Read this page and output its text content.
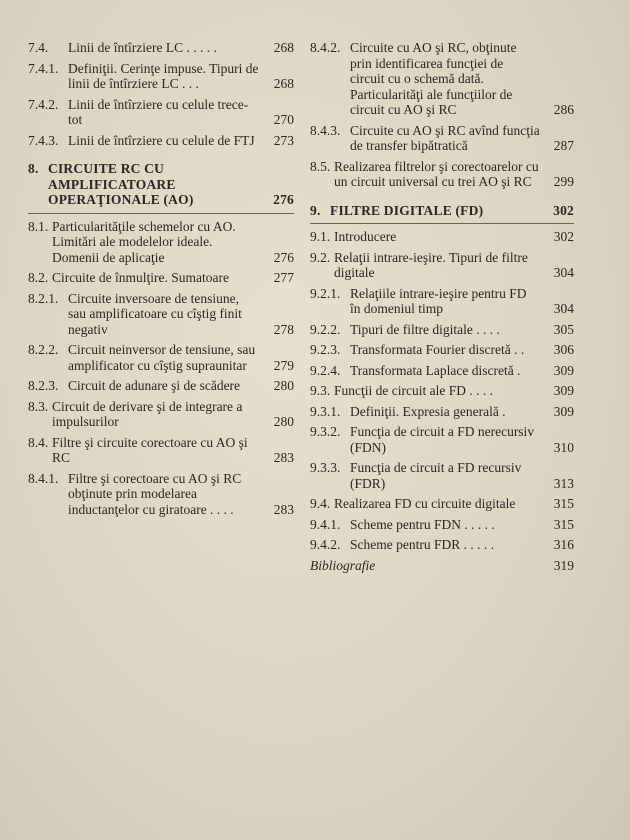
7.4.	Linii de întîrziere LC . . . . .	268
7.4.1. Definiţii. Cerinţe impuse. Tipuri de linii de întîrziere LC . . .	268
7.4.2. Linii de întîrziere cu celule trece-tot	270
7.4.3. Linii de întîrziere cu celule de FTJ	273
8. CIRCUITE RC CU AMPLIFICATOARE OPERAŢIONALE (AO)	276
8.1. Particularităţile schemelor cu AO. Limitări ale modelelor ideale. Domenii de aplicaţie	276
8.2. Circuite de înmulţire. Sumatoare	277
8.2.1. Circuite inversoare de tensiune, sau amplificatoare cu cîştig finit negativ	278
8.2.2. Circuit neinversor de tensiune, sau amplificator cu cîştig supraunitar	279
8.2.3. Circuit de adunare şi de scădere	280
8.3. Circuit de derivare şi de integrare a impulsurilor	280
8.4. Filtre şi circuite corectoare cu AO şi RC	283
8.4.1. Filtre şi corectoare cu AO şi RC obţinute prin modelarea inductanţelor cu giratoare . . . .	283
8.4.2. Circuite cu AO şi RC, obţinute prin identificarea funcţiei de circuit cu o schemă dată. Particularităţi ale funcţiilor de circuit cu AO şi RC	286
8.4.3. Circuite cu AO şi RC avînd funcţia de transfer bipătratică	287
8.5. Realizarea filtrelor şi corectoarelor cu un circuit universal cu trei AO şi RC	299
9. FILTRE DIGITALE (FD)	302
9.1. Introducere	302
9.2. Relaţii intrare-ieşire. Tipuri de filtre digitale	304
9.2.1. Relaţiile intrare-ieşire pentru FD în domeniul timp	304
9.2.2. Tipuri de filtre digitale . . . .	305
9.2.3. Transformata Fourier discretă . .	306
9.2.4. Transformata Laplace discretă .	309
9.3. Funcţii de circuit ale FD . . . .	309
9.3.1. Definiţii. Expresia generală .	309
9.3.2. Funcţia de circuit a FD nerecursiv (FDN)	310
9.3.3. Funcţia de circuit a FD recursiv (FDR)	313
9.4. Realizarea FD cu circuite digitale	315
9.4.1. Scheme pentru FDN . . . . .	315
9.4.2. Scheme pentru FDR . . . . .	316
Bibliografie	319
